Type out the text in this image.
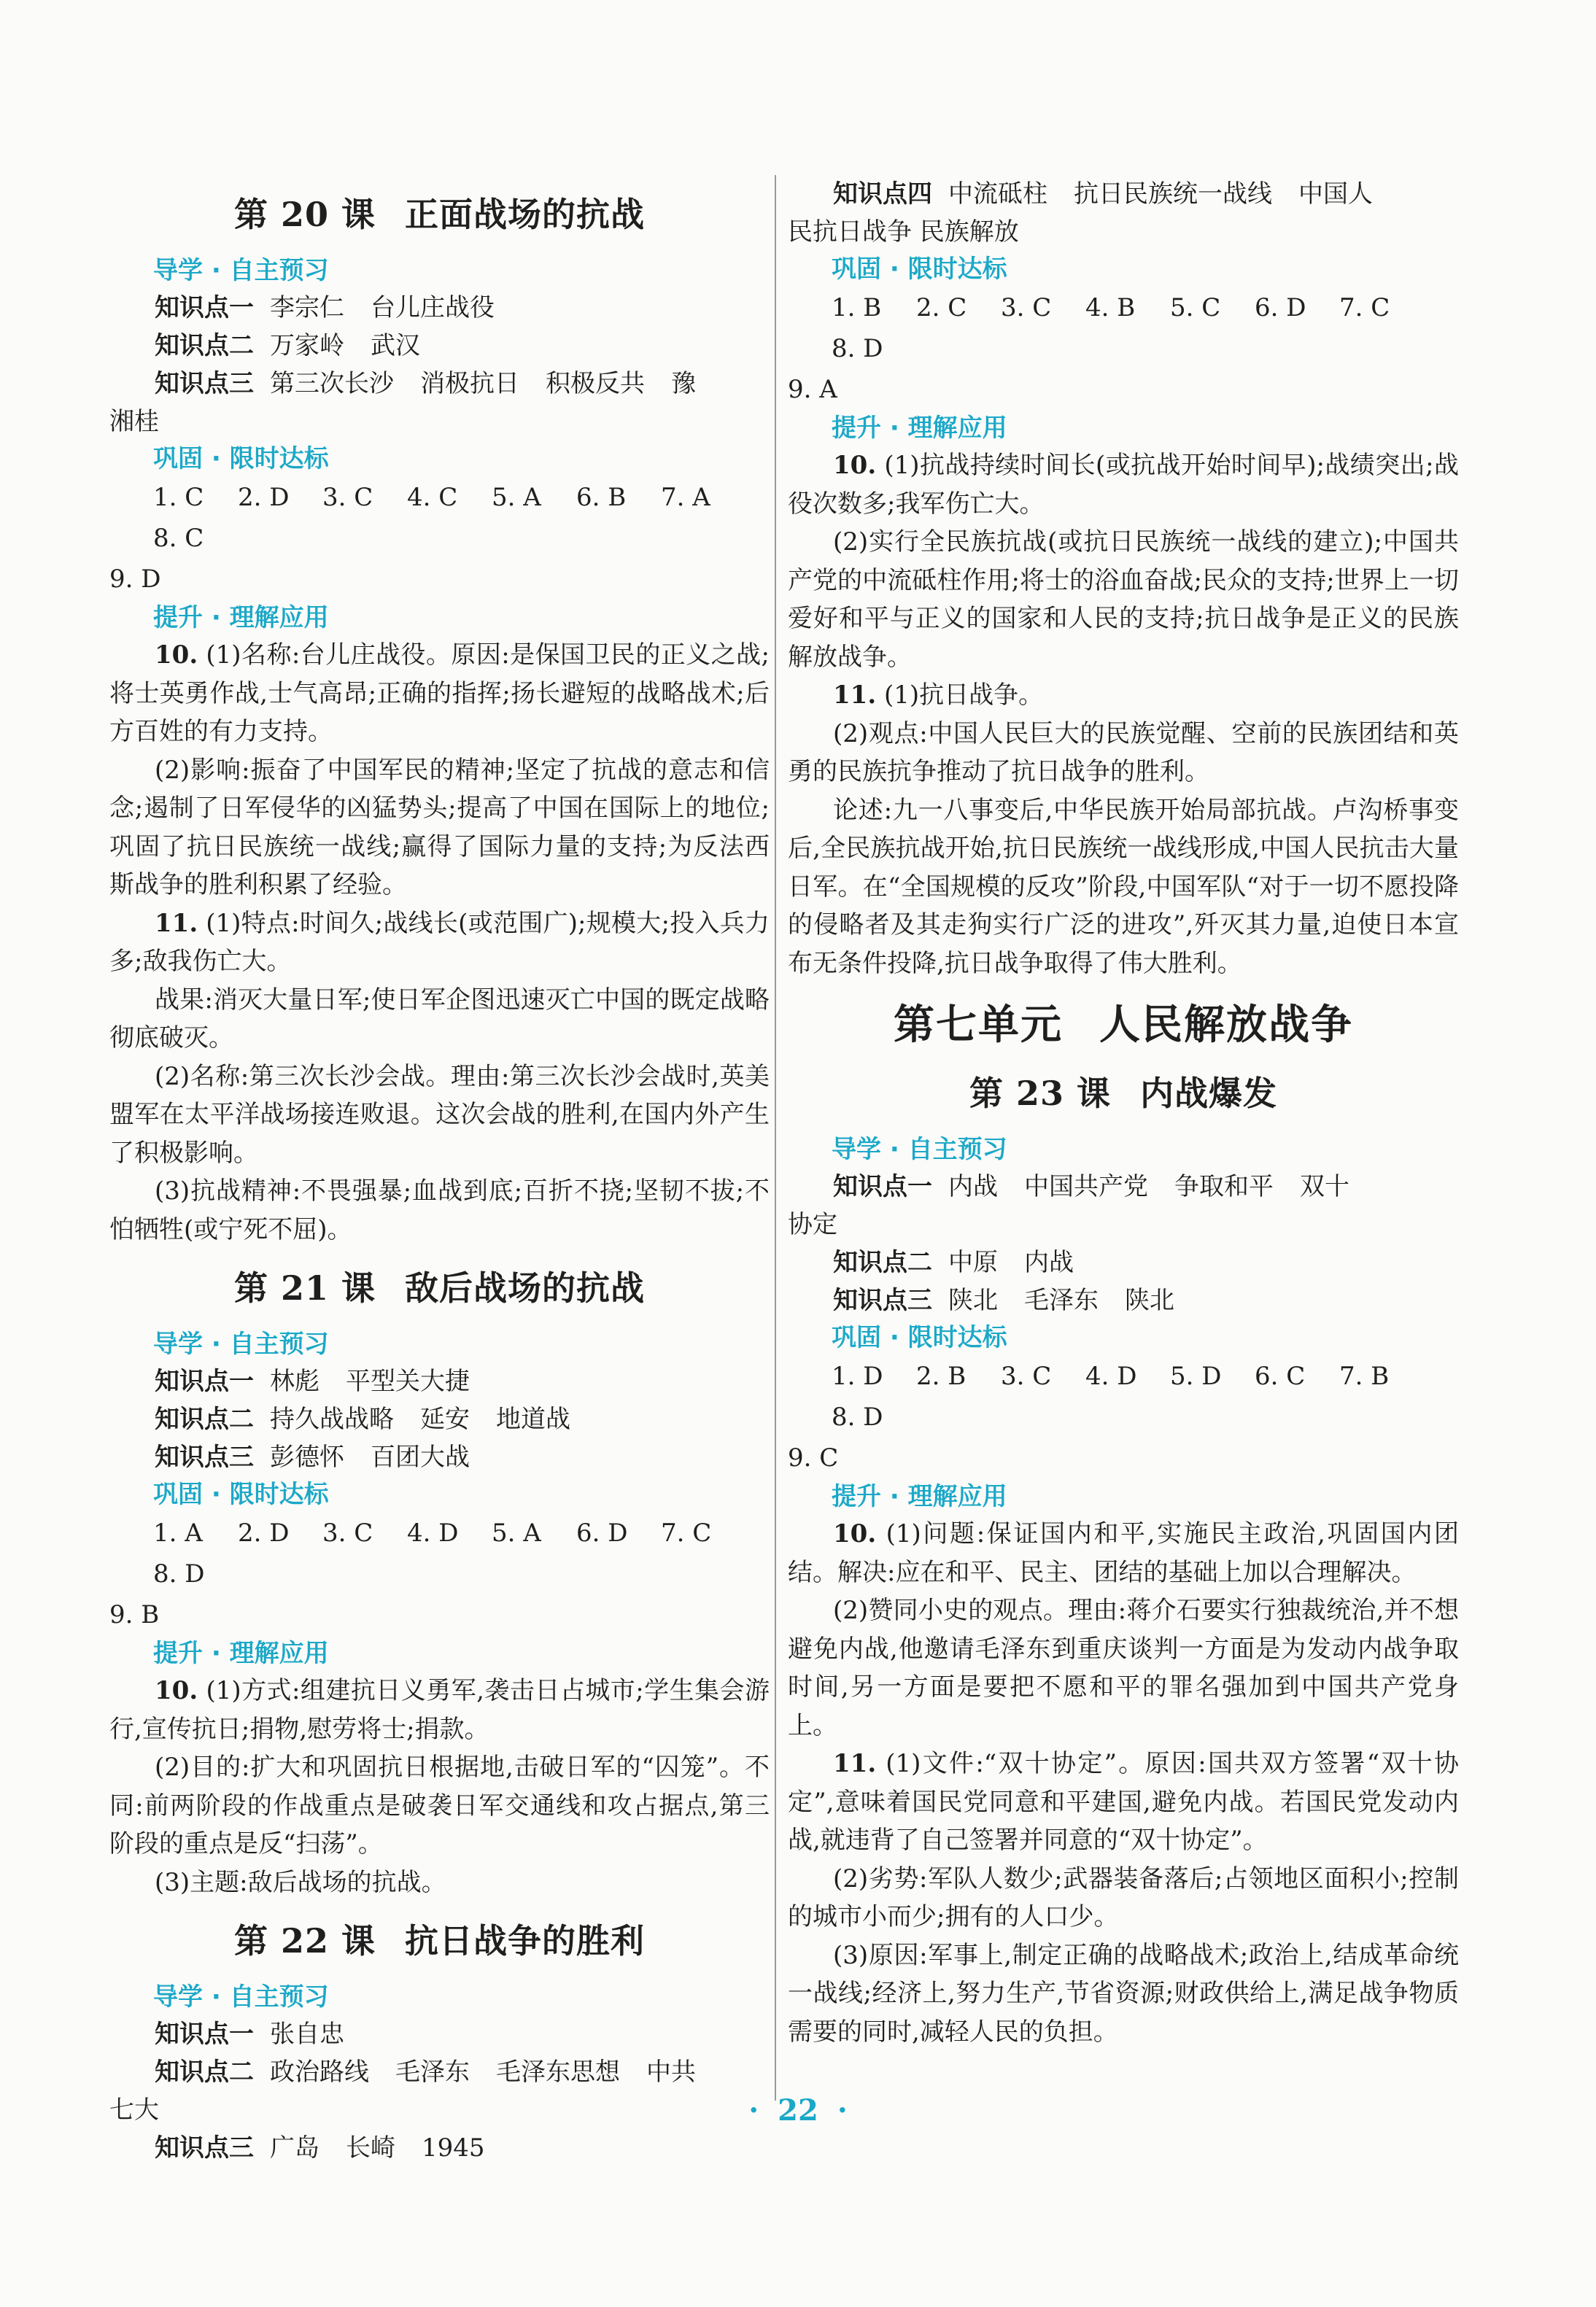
第 20 课 正面战场的抗战
导学 · 自主预习
知识点一 李宗仁 台儿庄战役
知识点二 万家岭 武汉
知识点三 第三次长沙 消极抗日 积极反共 豫
湘桂
巩固 · 限时达标
1. C 2. D 3. C 4. C 5. A 6. B 7. A8. C
9. D
提升 · 理解应用

10. (1)名称:台儿庄战役。原因:是保国卫民的正义之战;将士英勇作战,士气高昂;正确的指挥;扬长避短的战略战术;后方百姓的有力支持。

(2)影响:振奋了中国军民的精神;坚定了抗战的意志和信念;遏制了日军侵华的凶猛势头;提高了中国在国际上的地位;巩固了抗日民族统一战线;赢得了国际力量的支持;为反法西斯战争的胜利积累了经验。

11. (1)特点:时间久;战线长(或范围广);规模大;投入兵力多;敌我伤亡大。

战果:消灭大量日军;使日军企图迅速灭亡中国的既定战略彻底破灭。

(2)名称:第三次长沙会战。理由:第三次长沙会战时,英美盟军在太平洋战场接连败退。这次会战的胜利,在国内外产生了积极影响。

(3)抗战精神:不畏强暴;血战到底;百折不挠;坚韧不拔;不怕牺牲(或宁死不屈)。

第 21 课 敌后战场的抗战
导学 · 自主预习
知识点一 林彪 平型关大捷
知识点二 持久战战略 延安 地道战
知识点三 彭德怀 百团大战
巩固 · 限时达标
1. A 2. D 3. C 4. D 5. A 6. D 7. C8. D
9. B
提升 · 理解应用

10. (1)方式:组建抗日义勇军,袭击日占城市;学生集会游行,宣传抗日;捐物,慰劳将士;捐款。

(2)目的:扩大和巩固抗日根据地,击破日军的“囚笼”。不同:前两阶段的作战重点是破袭日军交通线和攻占据点,第三阶段的重点是反“扫荡”。

(3)主题:敌后战场的抗战。

第 22 课 抗日战争的胜利
导学 · 自主预习
知识点一 张自忠
知识点二 政治路线 毛泽东 毛泽东思想 中共
七大
知识点三 广岛 长崎 1945
知识点四 中流砥柱 抗日民族统一战线 中国人
民抗日战争 民族解放
巩固 · 限时达标
1. B 2. C 3. C 4. B 5. C 6. D 7. C8. D
9. A
提升 · 理解应用

10. (1)抗战持续时间长(或抗战开始时间早);战绩突出;战役次数多;我军伤亡大。

(2)实行全民族抗战(或抗日民族统一战线的建立);中国共产党的中流砥柱作用;将士的浴血奋战;民众的支持;世界上一切爱好和平与正义的国家和人民的支持;抗日战争是正义的民族解放战争。

11. (1)抗日战争。

(2)观点:中国人民巨大的民族觉醒、空前的民族团结和英勇的民族抗争推动了抗日战争的胜利。

论述:九一八事变后,中华民族开始局部抗战。卢沟桥事变后,全民族抗战开始,抗日民族统一战线形成,中国人民抗击大量日军。在“全国规模的反攻”阶段,中国军队“对于一切不愿投降的侵略者及其走狗实行广泛的进攻”,歼灭其力量,迫使日本宣布无条件投降,抗日战争取得了伟大胜利。

第七单元 人民解放战争
第 23 课 内战爆发
导学 · 自主预习
知识点一 内战 中国共产党 争取和平 双十
协定
知识点二 中原 内战
知识点三 陕北 毛泽东 陕北
巩固 · 限时达标
1. D 2. B 3. C 4. D 5. D 6. C 7. B8. D
9. C
提升 · 理解应用

10. (1)问题:保证国内和平,实施民主政治,巩固国内团结。解决:应在和平、民主、团结的基础上加以合理解决。

(2)赞同小史的观点。理由:蒋介石要实行独裁统治,并不想避免内战,他邀请毛泽东到重庆谈判一方面是为发动内战争取时间,另一方面是要把不愿和平的罪名强加到中国共产党身上。

11. (1)文件:“双十协定”。原因:国共双方签署“双十协定”,意味着国民党同意和平建国,避免内战。若国民党发动内战,就违背了自己签署并同意的“双十协定”。

(2)劣势:军队人数少;武器装备落后;占领地区面积小;控制的城市小而少;拥有的人口少。

(3)原因:军事上,制定正确的战略战术;政治上,结成革命统一战线;经济上,努力生产,节省资源;财政供给上,满足战争物质需要的同时,减轻人民的负担。

· 22 ·
